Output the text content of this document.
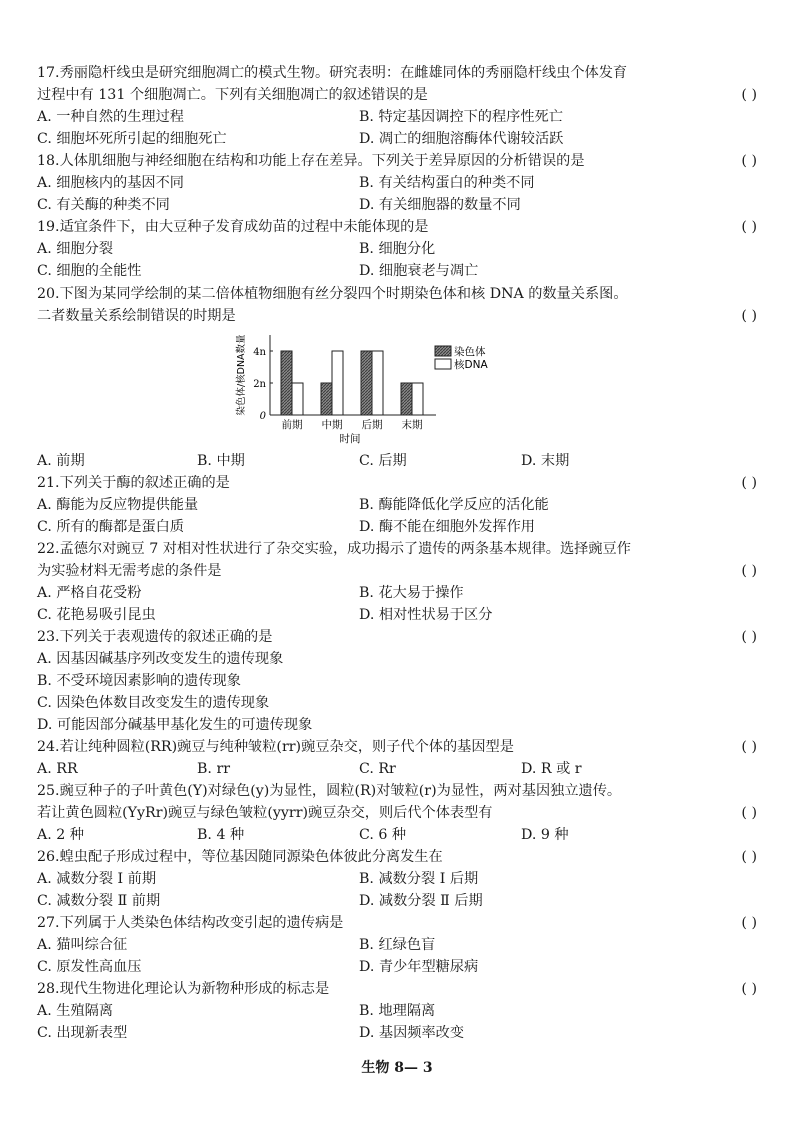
17.秀丽隐杆线虫是研究细胞凋亡的模式生物。研究表明：在雌雄同体的秀丽隐杆线虫个体发育
过程中有 131 个细胞凋亡。下列有关细胞凋亡的叙述错误的是	( )
A. 一种自然的生理过程	B. 特定基因调控下的程序性死亡
C. 细胞坏死所引起的细胞死亡	D. 凋亡的细胞溶酶体代谢较活跃
18.人体肌细胞与神经细胞在结构和功能上存在差异。下列关于差异原因的分析错误的是	( )
A. 细胞核内的基因不同	B. 有关结构蛋白的种类不同
C. 有关酶的种类不同	D. 有关细胞器的数量不同
19.适宜条件下，由大豆种子发育成幼苗的过程中未能体现的是	( )
A. 细胞分裂	B. 细胞分化
C. 细胞的全能性	D. 细胞衰老与凋亡
20.下图为某同学绘制的某二倍体植物细胞有丝分裂四个时期染色体和核 DNA 的数量关系图。
二者数量关系绘制错误的时期是	( )
0
2n
4n
染色体/核DNA数量
前期 中期 后期 末期
时间
染色体
核DNA
A. 前期	B. 中期	C. 后期	D. 末期
21.下列关于酶的叙述正确的是	( )
A. 酶能为反应物提供能量	B. 酶能降低化学反应的活化能
C. 所有的酶都是蛋白质	D. 酶不能在细胞外发挥作用
22.孟德尔对豌豆 7 对相对性状进行了杂交实验，成功揭示了遗传的两条基本规律。选择豌豆作
为实验材料无需考虑的条件是	( )
A. 严格自花受粉	B. 花大易于操作
C. 花艳易吸引昆虫	D. 相对性状易于区分
23.下列关于表观遗传的叙述正确的是	( )
A. 因基因碱基序列改变发生的遗传现象
B. 不受环境因素影响的遗传现象
C. 因染色体数目改变发生的遗传现象
D. 可能因部分碱基甲基化发生的可遗传现象
24.若让纯种圆粒(RR)豌豆与纯种皱粒(rr)豌豆杂交，则子代个体的基因型是	( )
A. RR	B. rr	C. Rr	D. R 或 r
25.豌豆种子的子叶黄色(Y)对绿色(y)为显性，圆粒(R)对皱粒(r)为显性，两对基因独立遗传。
若让黄色圆粒(YyRr)豌豆与绿色皱粒(yyrr)豌豆杂交，则后代个体表型有	( )
A. 2 种	B. 4 种	C. 6 种	D. 9 种
26.蝗虫配子形成过程中，等位基因随同源染色体彼此分离发生在	( )
A. 减数分裂 Ⅰ 前期	B. 减数分裂 Ⅰ 后期
C. 减数分裂 Ⅱ 前期	D. 减数分裂 Ⅱ 后期
27.下列属于人类染色体结构改变引起的遗传病是	( )
A. 猫叫综合征	B. 红绿色盲
C. 原发性高血压	D. 青少年型糖尿病
28.现代生物进化理论认为新物种形成的标志是	( )
A. 生殖隔离	B. 地理隔离
C. 出现新表型	D. 基因频率改变
生物 8— 3
